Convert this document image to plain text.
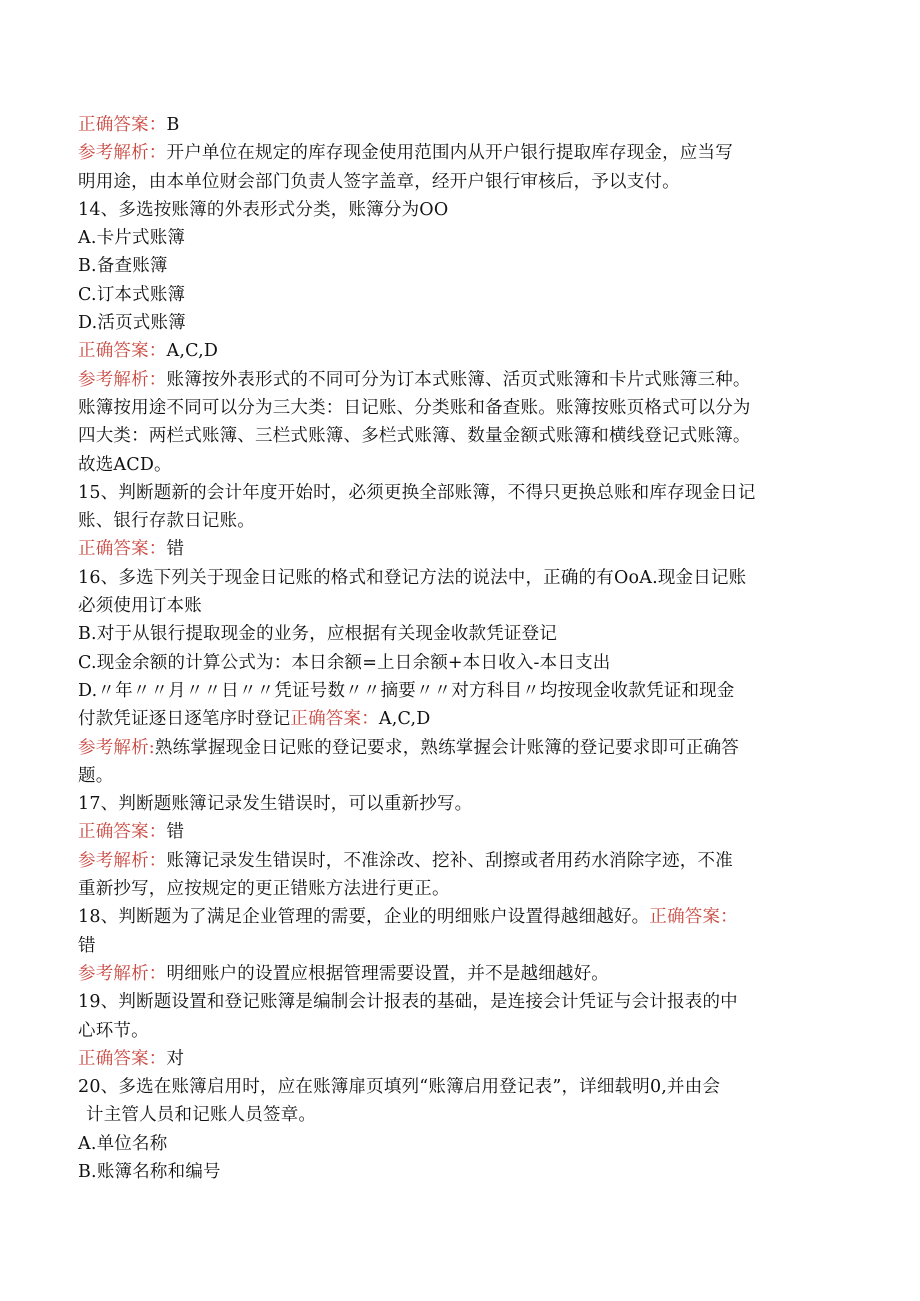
正确答案：B
参考解析：开户单位在规定的库存现金使用范围内从开户银行提取库存现金，应当写
明用途，由本单位财会部门负责人签字盖章，经开户银行审核后，予以支付。
14、多选按账簿的外表形式分类，账簿分为OO
A.卡片式账簿
B.备查账簿
C.订本式账簿
D.活页式账簿
正确答案：A,C,D
参考解析：账簿按外表形式的不同可分为订本式账簿、活页式账簿和卡片式账簿三种。
账簿按用途不同可以分为三大类：日记账、分类账和备查账。账簿按账页格式可以分为
四大类：两栏式账簿、三栏式账簿、多栏式账簿、数量金额式账簿和横线登记式账簿。
故选ACD。
15、判断题新的会计年度开始时，必须更换全部账簿，不得只更换总账和库存现金日记
账、银行存款日记账。
正确答案：错
16、多选下列关于现金日记账的格式和登记方法的说法中，正确的有OoA.现金日记账
必须使用订本账
B.对于从银行提取现金的业务，应根据有关现金收款凭证登记
C.现金余额的计算公式为：本日余额=上日余额+本日收入-本日支出
D.〃年〃〃月〃〃日〃〃凭证号数〃〃摘要〃〃对方科目〃均按现金收款凭证和现金
付款凭证逐日逐笔序时登记正确答案：A,C,D
参考解析:熟练掌握现金日记账的登记要求，熟练掌握会计账簿的登记要求即可正确答
题。
17、判断题账簿记录发生错误时，可以重新抄写。
正确答案：错
参考解析：账簿记录发生错误时，不准涂改、挖补、刮擦或者用药水消除字迹，不准
重新抄写，应按规定的更正错账方法进行更正。
18、判断题为了满足企业管理的需要，企业的明细账户设置得越细越好。正确答案：
错
参考解析：明细账户的设置应根据管理需要设置，并不是越细越好。
19、判断题设置和登记账簿是编制会计报表的基础，是连接会计凭证与会计报表的中
心环节。
正确答案：对
20、多选在账簿启用时，应在账簿扉页填列“账簿启用登记表”，详细载明0,并由会
计主管人员和记账人员签章。
A.单位名称
B.账簿名称和编号
